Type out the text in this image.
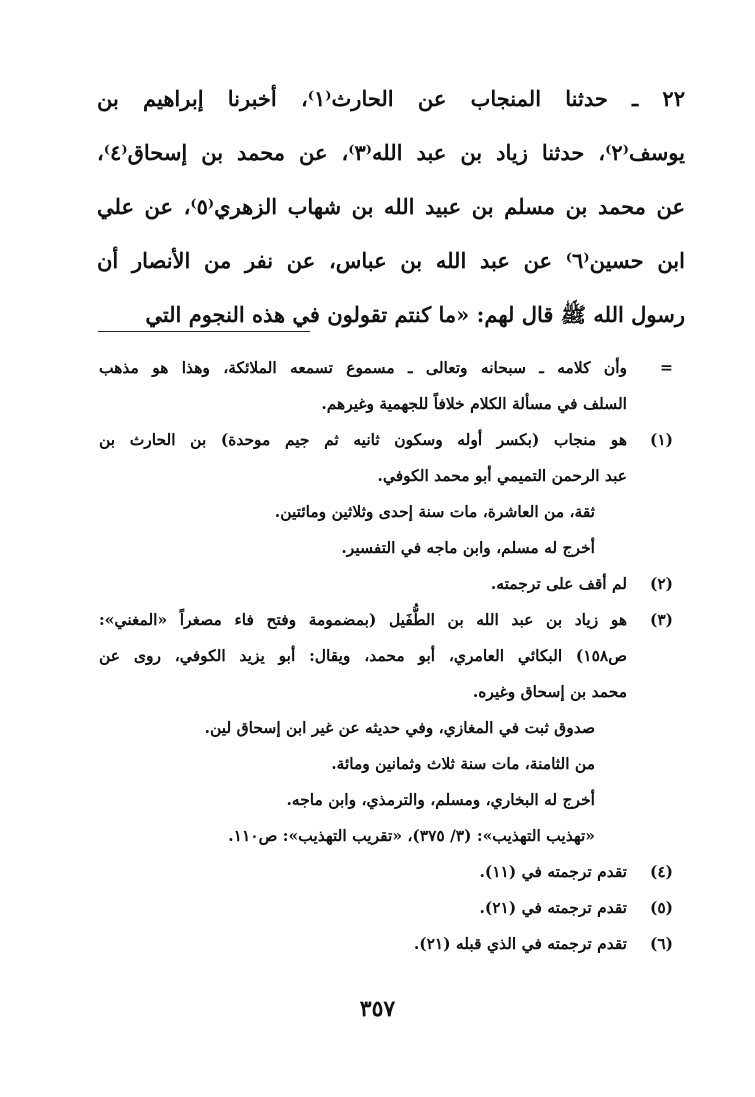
٢٢ ـ حدثنا المنجاب عن الحارث⁽١⁾، أخبرنا إبراهيم بن
يوسف⁽٢⁾، حدثنا زياد بن عبد الله⁽٣⁾، عن محمد بن إسحاق⁽٤⁾،
عن محمد بن مسلم بن عبيد الله بن شهاب الزهري⁽٥⁾، عن علي
ابن حسين⁽٦⁾ عن عبد الله بن عباس، عن نفر من الأنصار أن
رسول الله ﷺ قال لهم: «ما كنتم تقولون في هذه النجوم التي
=
وأن كلامه ـ سبحانه وتعالى ـ مسموع تسمعه الملائكة، وهذا هو مذهب
السلف في مسألة الكلام خلافاً للجهمية وغيرهم.
(١)
هو منجاب (بكسر أوله وسكون ثانيه ثم جيم موحدة) بن الحارث بن
عبد الرحمن التميمي أبو محمد الكوفي.
ثقة، من العاشرة، مات سنة إحدى وثلاثين ومائتين.
أخرج له مسلم، وابن ماجه في التفسير.
(٢)
لم أقف على ترجمته.
(٣)
هو زياد بن عبد الله بن الطُّفَيل (بمضمومة وفتح فاء مصغراً «المغني»:
ص١٥٨) البكائي العامري، أبو محمد، ويقال: أبو يزيد الكوفي، روى عن
محمد بن إسحاق وغيره.
صدوق ثبت في المغازي، وفي حديثه عن غير ابن إسحاق لين.
من الثامنة، مات سنة ثلاث وثمانين ومائة.
أخرج له البخاري، ومسلم، والترمذي، وابن ماجه.
«تهذيب التهذيب»: (٣/ ٣٧٥)، «تقريب التهذيب»: ص١١٠.
(٤)
تقدم ترجمته في (١١).
(٥)
تقدم ترجمته في (٢١).
(٦)
تقدم ترجمته في الذي قبله (٢١).
٣٥٧
